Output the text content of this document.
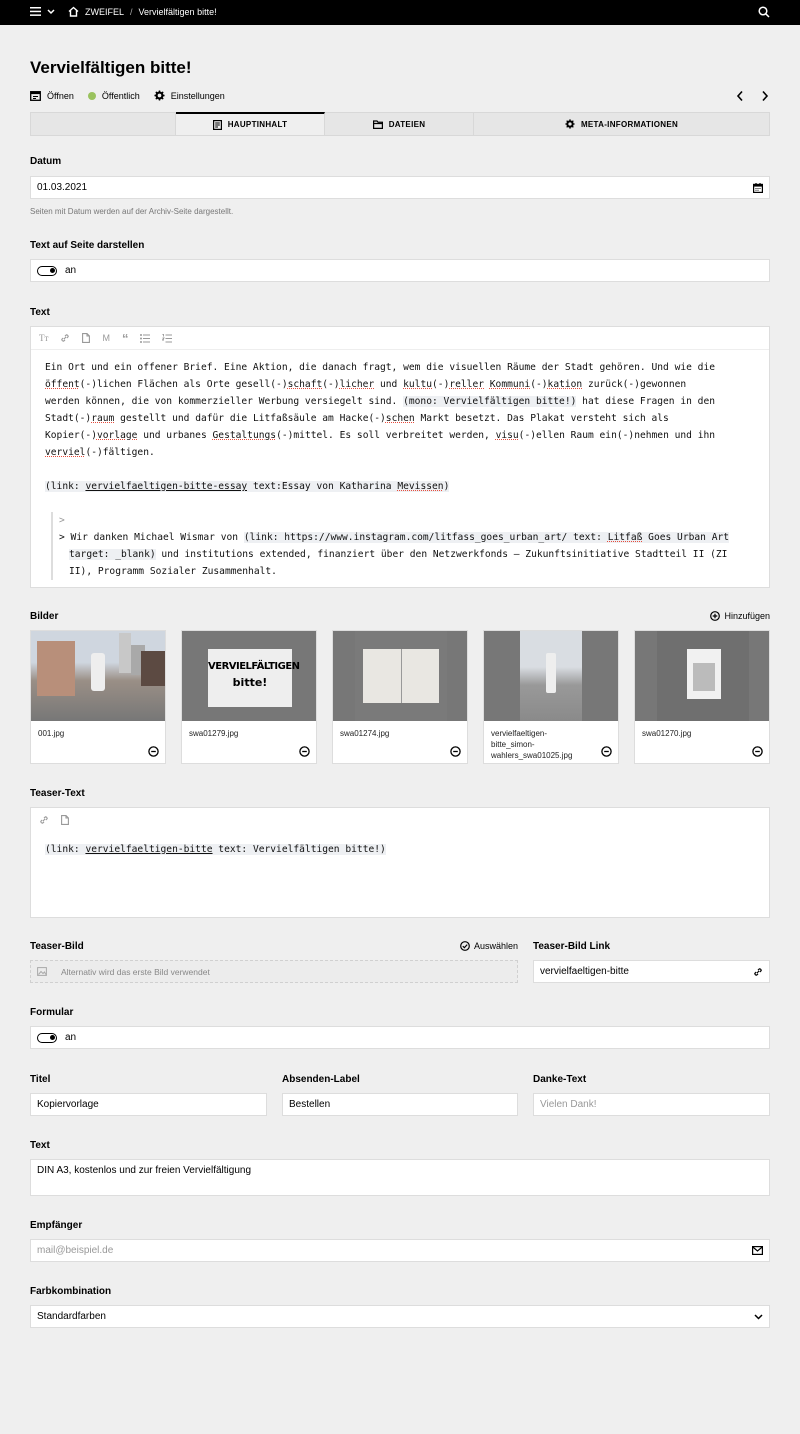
ZWEIFEL / Vervielfältigen bitte!
Vervielfältigen bitte!
Öffnen	Öffentlich	Einstellungen
HAUPTINHALT	DATEIEN	META-INFORMATIONEN
Datum
01.03.2021
Seiten mit Datum werden auf der Archiv-Seite dargestellt.
Text auf Seite darstellen
an
Text
Tт	M “
Ein Ort und ein offener Brief. Eine Aktion, die danach fragt, wem die visuellen Räume der Stadt gehören. Und wie die
öffent(-)lichen Flächen als Orte gesell(-)schaft(-)licher und kultu(-)reller Kommuni(-)kation zurück(-)gewonnen
werden können, die von kommerzieller Werbung versiegelt sind. (mono: Vervielfältigen bitte!) hat diese Fragen in den
Stadt(-)raum gestellt und dafür die Litfaßsäule am Hacke(-)schen Markt besetzt. Das Plakat versteht sich als
Kopier(-)vorlage und urbanes Gestaltungs(-)mittel. Es soll verbreitet werden, visu(-)ellen Raum ein(-)nehmen und ihn
verviel(-)fältigen.
(link: vervielfaeltigen-bitte-essay text:Essay von Katharina Mevissen)
>
> Wir danken Michael Wismar von (link: https://www.instagram.com/litfass_goes_urban_art/ text: Litfaß Goes Urban Art
target: _blank) und institutions extended, finanziert über den Netzwerkfonds – Zukunftsinitiative Stadtteil II (ZI
II), Programm Sozialer Zusammenhalt.
Bilder	Hinzufügen
001.jpg
VERVIELFÄLTIGEN
bitte!
swa01279.jpg	swa01274.jpg	vervielfaeltigen-
bitte_simon-
wahlers_swa01025.jpg
swa01270.jpg
Teaser-Text
(link: vervielfaeltigen-bitte text: Vervielfältigen bitte!)
Teaser-Bild	Auswählen
Alternativ wird das erste Bild verwendet
Teaser-Bild Link
vervielfaeltigen-bitte
Formular
an
Titel
Kopiervorlage
Absenden-Label
Bestellen
Danke-Text
Vielen Dank!
Text
DIN A3, kostenlos und zur freien Vervielfältigung
Empfänger
mail@beispiel.de
Farbkombination
Standardfarben
